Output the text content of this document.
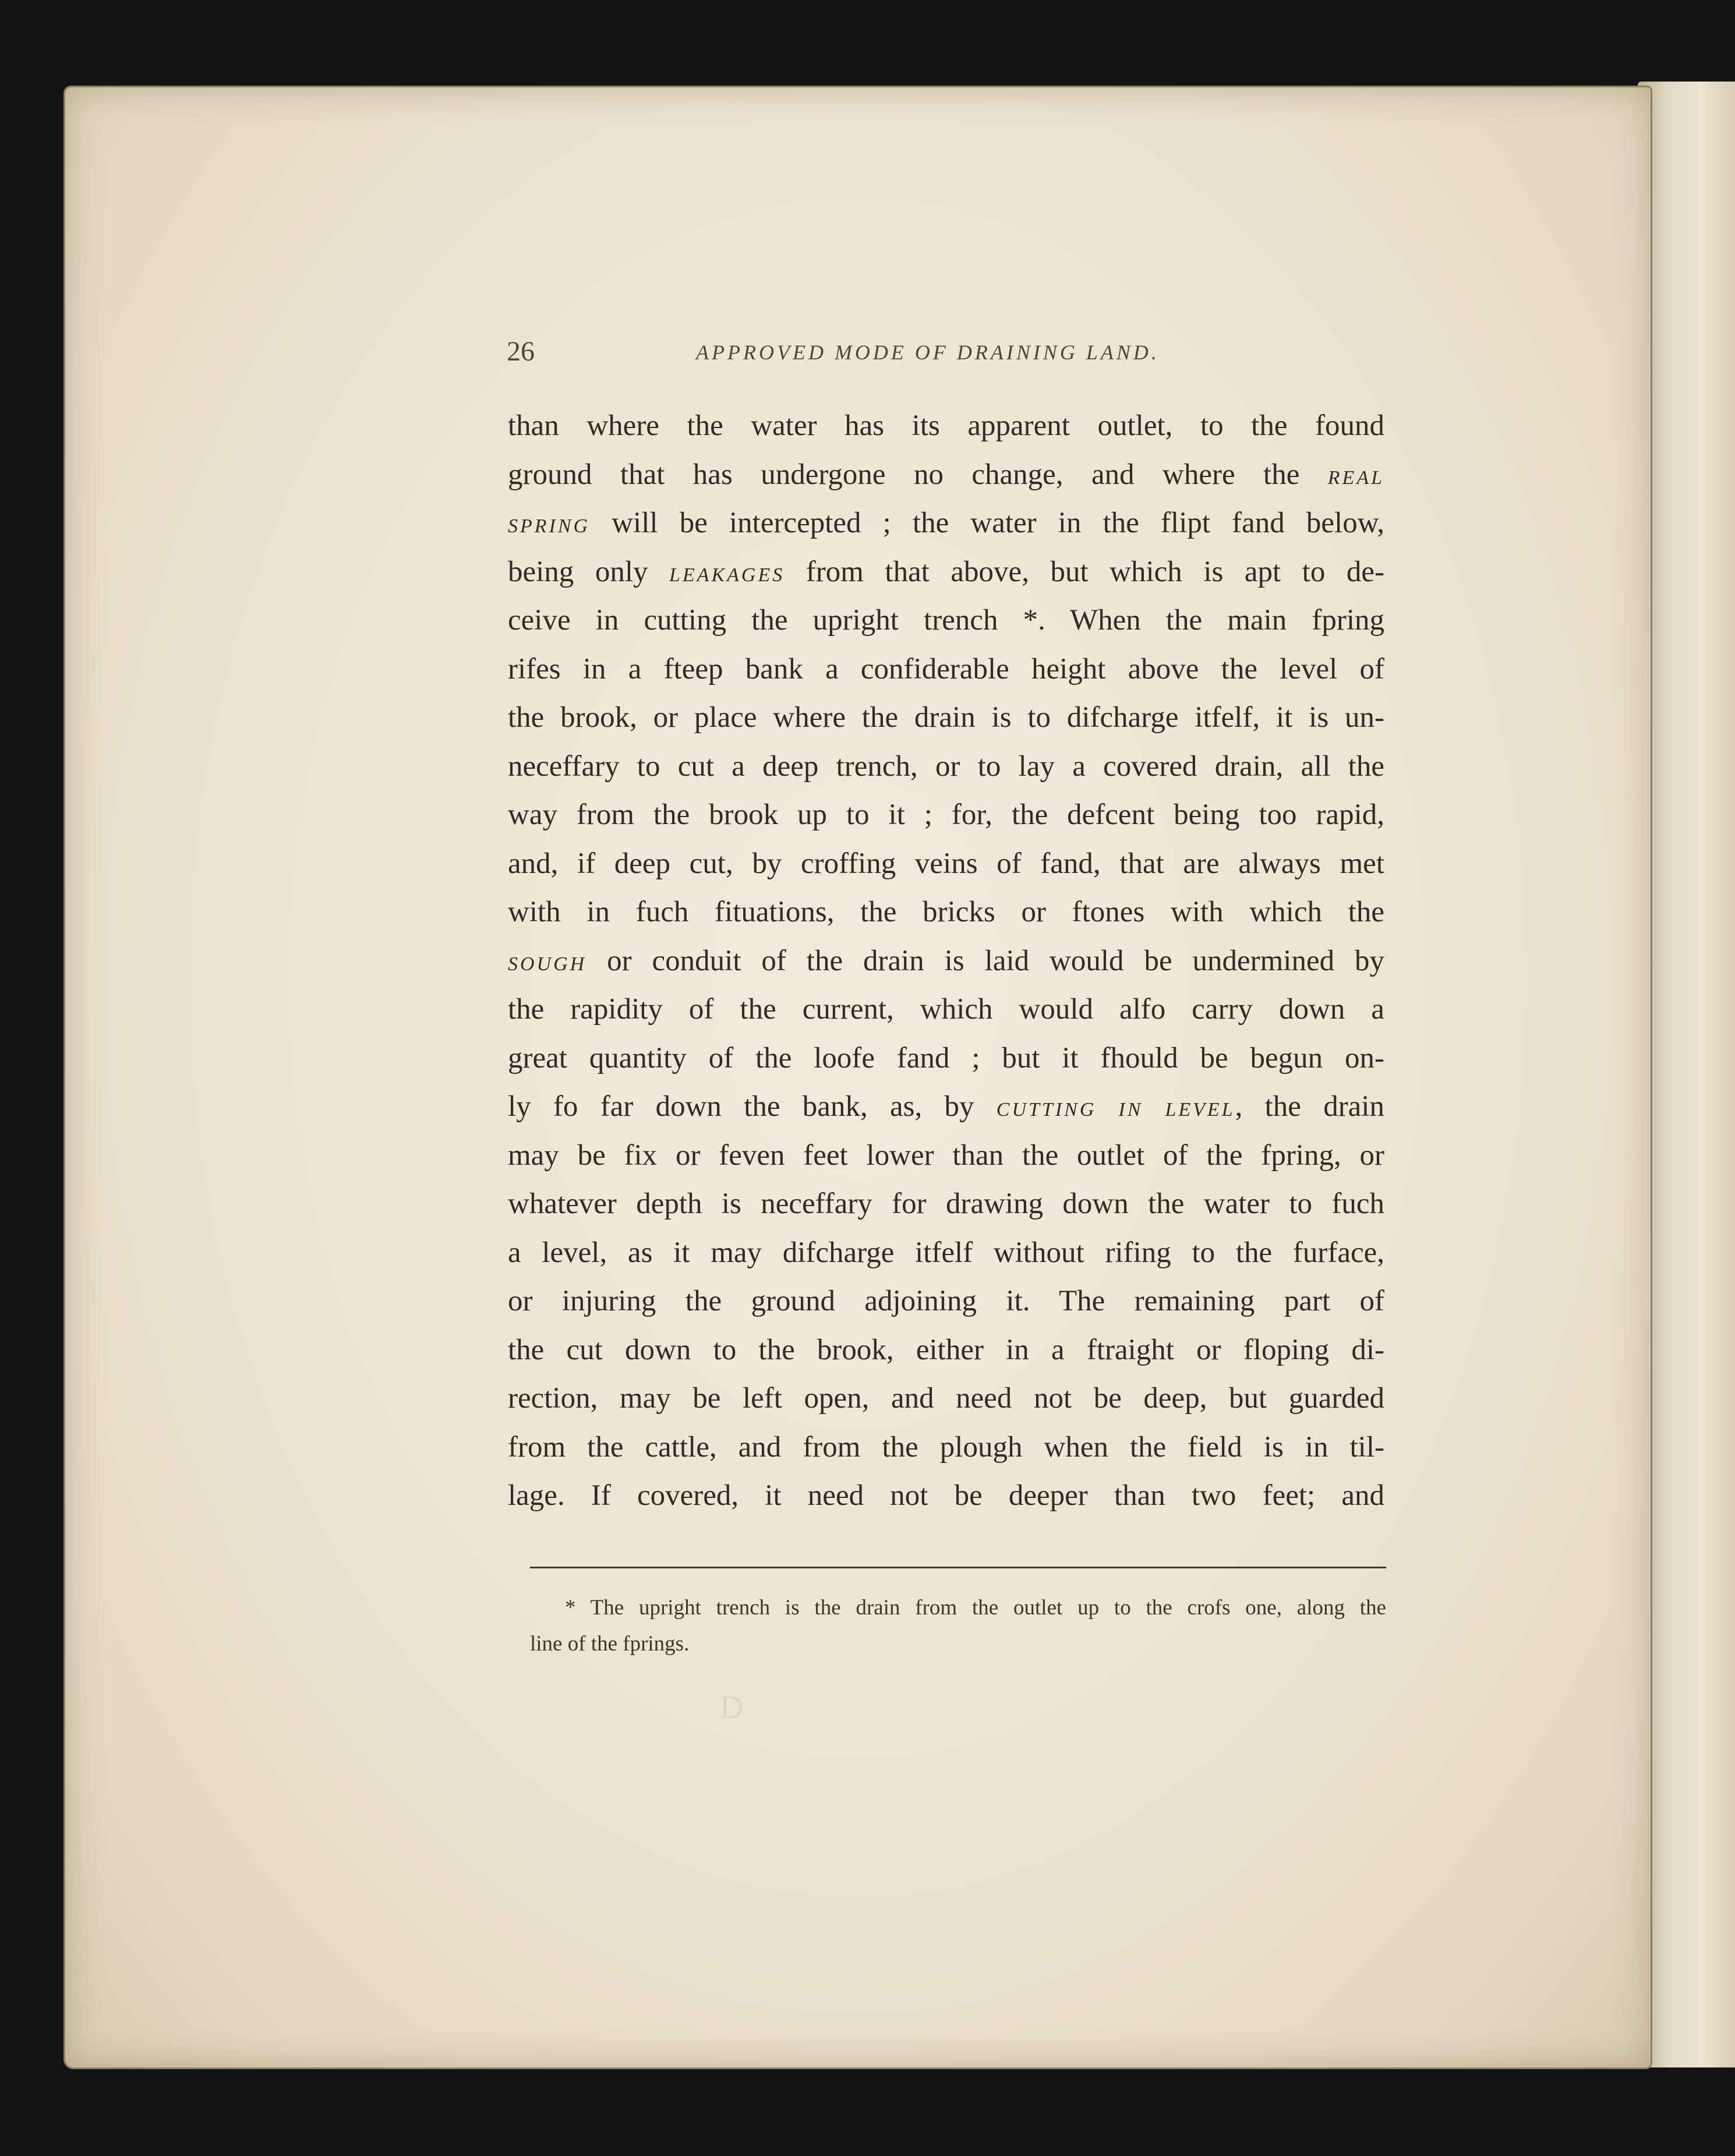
26	APPROVED MODE OF DRAINING LAND.
than where the water has its apparent outlet, to the found
ground that has undergone no change, and where the REAL
SPRING will be intercepted ; the water in the flipt fand below,
being only LEAKAGES from that above, but which is apt to de-
ceive in cutting the upright trench *. When the main fpring
rifes in a fteep bank a confiderable height above the level of
the brook, or place where the drain is to difcharge itfelf, it is un-
neceffary to cut a deep trench, or to lay a covered drain, all the
way from the brook up to it ; for, the defcent being too rapid,
and, if deep cut, by croffing veins of fand, that are always met
with in fuch fituations, the bricks or ftones with which the
SOUGH or conduit of the drain is laid would be undermined by
the rapidity of the current, which would alfo carry down a
great quantity of the loofe fand ; but it fhould be begun on-
ly fo far down the bank, as, by CUTTING IN LEVEL, the drain
may be fix or feven feet lower than the outlet of the fpring, or
whatever depth is neceffary for drawing down the water to fuch
a level, as it may difcharge itfelf without rifing to the furface,
or injuring the ground adjoining it. The remaining part of
the cut down to the brook, either in a ftraight or floping di-
rection, may be left open, and need not be deep, but guarded
from the cattle, and from the plough when the field is in til-
lage. If covered, it need not be deeper than two feet; and
* The upright trench is the drain from the outlet up to the crofs one, along the
line of the fprings.
D
